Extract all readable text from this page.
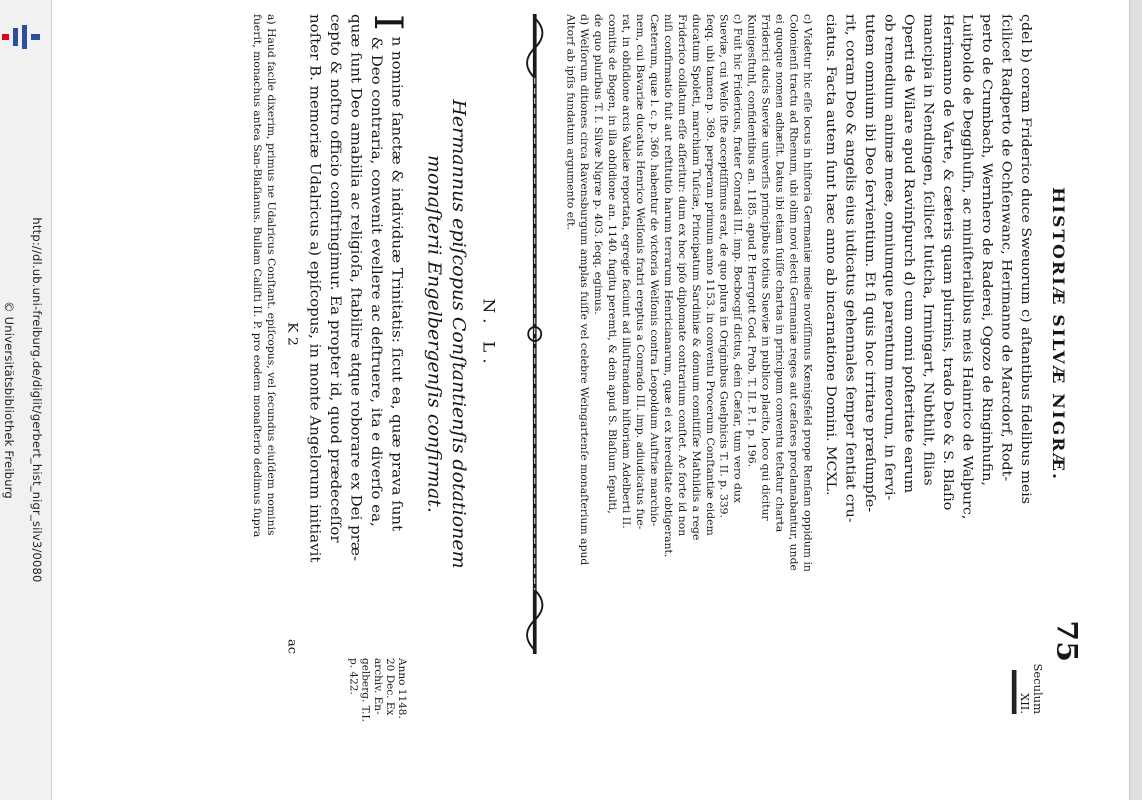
http://dl.ub.uni-freiburg.de/diglit/gerbert_hist_nigr_silv3/0080
© Universitätsbibliothek Freiburg	HISTORIÆ SILVÆ NIGRÆ.
75
Seculum
XII.
ςdel b) coram Friderico duce Sweuorum c) aſtantibus fidelibus meis
ſcilicet Radperto de Ochſenwanc, Herimanno de Marcdorf, Rodt-
perto de Crumbach, Wernhero de Raderei, Ogozo de Ringinhufin,
Luitpoldo de Deggihuſin, ac miniſterialibus meis Hainrico de Walpurc,
Herimanno de Varte, & cæteris quam plurimis, trado Deo & S. Blaſio
mancipia in Nendingen, ſcilicet Iuticha, Irmingart, Nubthilt, filias
Operti de Wilare apud Ravinſpurch d) cum omni poſteritate earum
ob remedium animæ meæ, omniumque parentum meorum, in ſervi-
tutem omnium ibi Deo ſervientium. Et ſi quis hoc irritare præſumpſe-
rit, coram Deo & angelis eius iudicatus gehennales ſemper ſentiat cru-
ciatus. Facta autem ſunt hæc anno ab incarnatione Domini. MCXL.
c) Videtur hic eſſe locus in hiſtoria Germaniæ medie noviſſimus Kœnigsfeld prope Renſam oppidum in
Colonienſi tractu ad Rhenum, ubi olim novi electi Germaniæ reges aut cæſares proclamabantur, unde
ei quoque nomen adhæſit. Datus ibi etiam ſuiſſe chartas in principum conventu teſtatur charta
Friderici ducis Sueviæ univerſis principibus totius Sueviæ in publico placito, loco qui dicitur
Kunigesſtuhl, confidentibus an. 1185. apud P. Herrgott Cod. Prob. T. II. P. I. p. 196.
c) Fuit hic Fridericus, frater Conradi III. imp. Bocbocgiſ dictus, dein Cæſar, tum vero dux
Sueviæ, cui Welſo iſte acceptiſſimus erat, de quo plura in Originibus Guelphicis T. II. p. 339.
ſeqq. ubi tamen p. 369. perperam primum anno 1153. in conventu Procerum Conſtantiæ eidem
ducatum Spoleti, marchiam Tuſciæ, Principatum Sardiniæ & domum comitiſſæ Mathildis a rege
Friderico collatum eſſe aſſeritur: dum ex hoc ipſo diplomate contrarium conſtet. Ac forte id non
niſi confirmatio fuit aut reſtitutio harum terrarum Henricianarum, quæ ei ex hereditate obtigerant.
Cæterum, quæ l. c. p. 360. habentur de victoria Welſonis contra Leopoldum Auſtriæ marchio-
nem, cui Bavariæ ducatus Henrico Welſonis fratri ereptus a Conrado III. imp. adiudicatus fue-
rat, in obſidione arcis Valeiæ reportata, egregie faciunt ad illuſtrandam hiſtoriam Adelberti II.
comitis de Bogen, in illa obſidione an. 1140. fugitu peremti, & dein apud S. Blaſium ſepulti,
de quo pluribus T. I. Silvæ Nigræ p. 403. ſeqq. egimus.
d) Welſorum ditiones circa Ravensburgum amplas fuiſſe vel celebre Weingartenſe monaſterium apud
Altorf ab ipſis fundatum argumento eſt.
N. L.
Hermannus epiſcopus Conſtantienſis dotationem
monaſterii Engelbergenſis confirmat.
I
n nomine ſanctæ & individuæ Trinitatis: ſicut ea, quæ prava ſunt
& Deo contraria, convenit evellere ac deſtruere, ita e diverſo ea,
quæ ſunt Deo amabilia ac religioſa, ſtabilire atque roborare ex Dei præ-
cepto & noſtro officio conſtringimur. Ea propter id, quod prædeceſſor
noſter B. memoriæ Udalricus a) epiſcopus, in monte Angelorum initiavit
Anno 1148.
20 Dec. Ex
archiv. En-
gelberg. T.I.
p. 422.
K 2
ac
a) Haud facile dixerim, primus ne Udalricus Conſtant. epiſcopus, vel ſecundus eiuſdem nominis
fuerit, monachus antea San-Blaſianus. Bullam Caliſti II. P. pro eodem monaſterio dedimus ſupra
